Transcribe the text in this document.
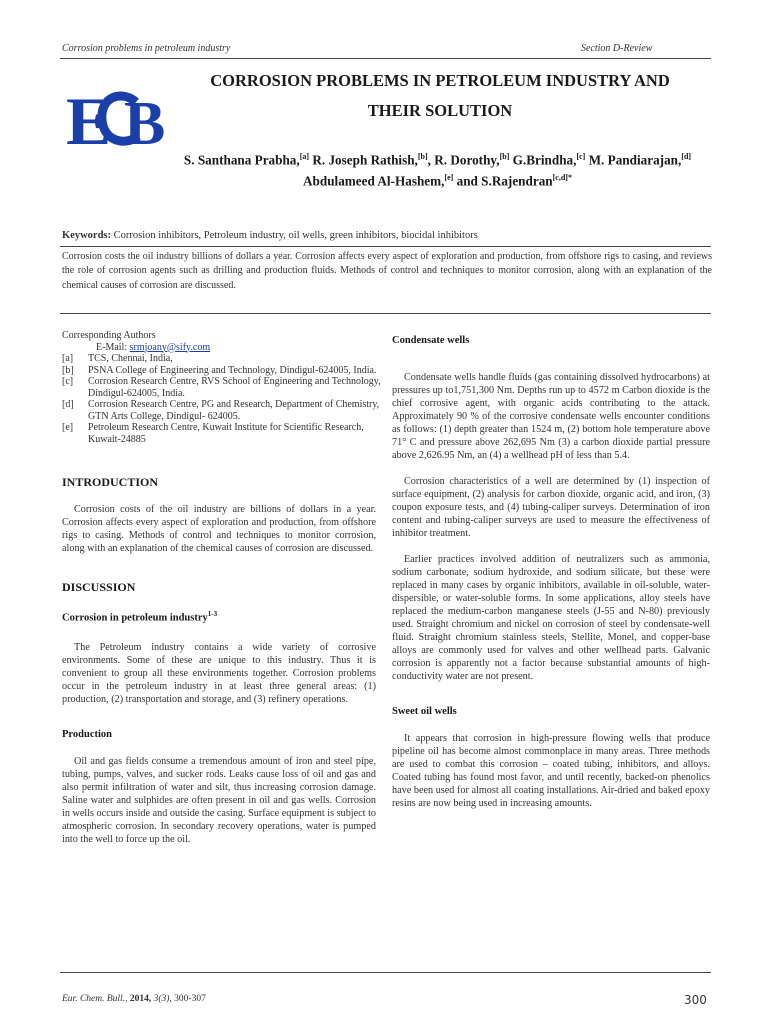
Corrosion problems in petroleum industry	Section D-Review
E B
CORROSION PROBLEMS IN PETROLEUM INDUSTRY AND
THEIR SOLUTION
S. Santhana Prabha,[a] R. Joseph Rathish,[b], R. Dorothy,[b] G.Brindha,[c] M. Pandiarajan,[d] Abdulameed Al-Hashem,[e] and S.Rajendran$^{[c,d]*}$
Keywords: Corrosion inhibitors, Petroleum industry, oil wells, green inhibitors, biocidal inhibitors
Corrosion costs the oil industry billions of dollars a year. Corrosion affects every aspect of exploration and production, from offshore rigs to casing, and reviews the role of corrosion agents such as drilling and production fluids. Methods of control and techniques to monitor corrosion, along with an explanation of the chemical causes of corrosion are discussed.
Corresponding Authors
E-Mail: srmjoany@sify.com
[a]	TCS, Chennai, India,
[b]	PSNA College of Engineering and Technology, Dindigul-624005, India.
[c]	Corrosion Research Centre, RVS School of Engineering and Technology, Dindigul-624005, India.
[d]	Corrosion Research Centre, PG and Research, Department of Chemistry, GTN Arts College, Dindigul- 624005.
[e]	Petroleum Research Centre, Kuwait Institute for Scientific Research, Kuwait-24885
INTRODUCTION

Corrosion costs of the oil industry are billions of dollars in a year. Corrosion affects every aspect of exploration and production, from offshore rigs to casing. Methods of control and techniques to monitor corrosion, along with an explanation of the chemical causes of corrosion are discussed.

DISCUSSION
Corrosion in petroleum industry$^{1-3}$

The Petroleum industry contains a wide variety of corrosive environments. Some of these are unique to this industry. Thus it is convenient to group all these environments together. Corrosion problems occur in the petroleum industry in at least three general areas: (1) production, (2) transportation and storage, and (3) refinery operations.

Production

Oil and gas fields consume a tremendous amount of iron and steel pipe, tubing, pumps, valves, and sucker rods. Leaks cause loss of oil and gas and also permit infiltration of water and silt, thus increasing corrosion damage. Saline water and sulphides are often present in oil and gas wells. Corrosion in wells occurs inside and outside the casing. Surface equipment is subject to atmospheric corrosion. In secondary recovery operations, water is pumped into the well to force up the oil.

Condensate wells

Condensate wells handle fluids (gas containing dissolved hydrocarbons) at pressures up to1,751,300 Nm. Depths run up to 4572 m Carbon dioxide is the chief corrosive agent, with organic acids contributing to the attack. Approximately 90 % of the corrosive condensate wells encounter conditions as follows: (1) depth greater than 1524 m, (2) bottom hole temperature above 71° C and pressure above 262,695 Nm (3) a carbon dioxide partial pressure above 2,626.95 Nm, an (4) a wellhead pH of less than 5.4.

Corrosion characteristics of a well are determined by (1) inspection of surface equipment, (2) analysis for carbon dioxide, organic acid, and iron, (3) coupon exposure tests, and (4) tubing-caliper surveys. Determination of iron content and tubing-caliper surveys are used to measure the effectiveness of inhibitor treatment.

Earlier practices involved addition of neutralizers such as ammonia, sodium carbonate, sodium hydroxide, and sodium silicate, but these were replaced in many cases by organic inhibitors, available in oil-soluble, water-dispersible, or water-soluble forms. In some applications, alloy steels have replaced the medium-carbon manganese steels (J-55 and N-80) previously used. Straight chromium and nickel on corrosion of steel by condensate-well fluid. Straight chromium stainless steels, Stellite, Monel, and copper-base alloys are commonly used for valves and other wellhead parts. Galvanic corrosion is apparently not a factor because substantial amounts of high-conductivity water are not present.

Sweet oil wells

It appears that corrosion in high-pressure flowing wells that produce pipeline oil has become almost commonplace in many areas. Three methods are used to combat this corrosion – coated tubing, inhibitors, and alloys. Coated tubing has found most favor, and until recently, backed-on phenolics have been used for almost all coating installations. Air-dried and baked epoxy resins are now being used in increasing amounts.

Eur. Chem. Bull., 2014, 3(3), 300-307	300
